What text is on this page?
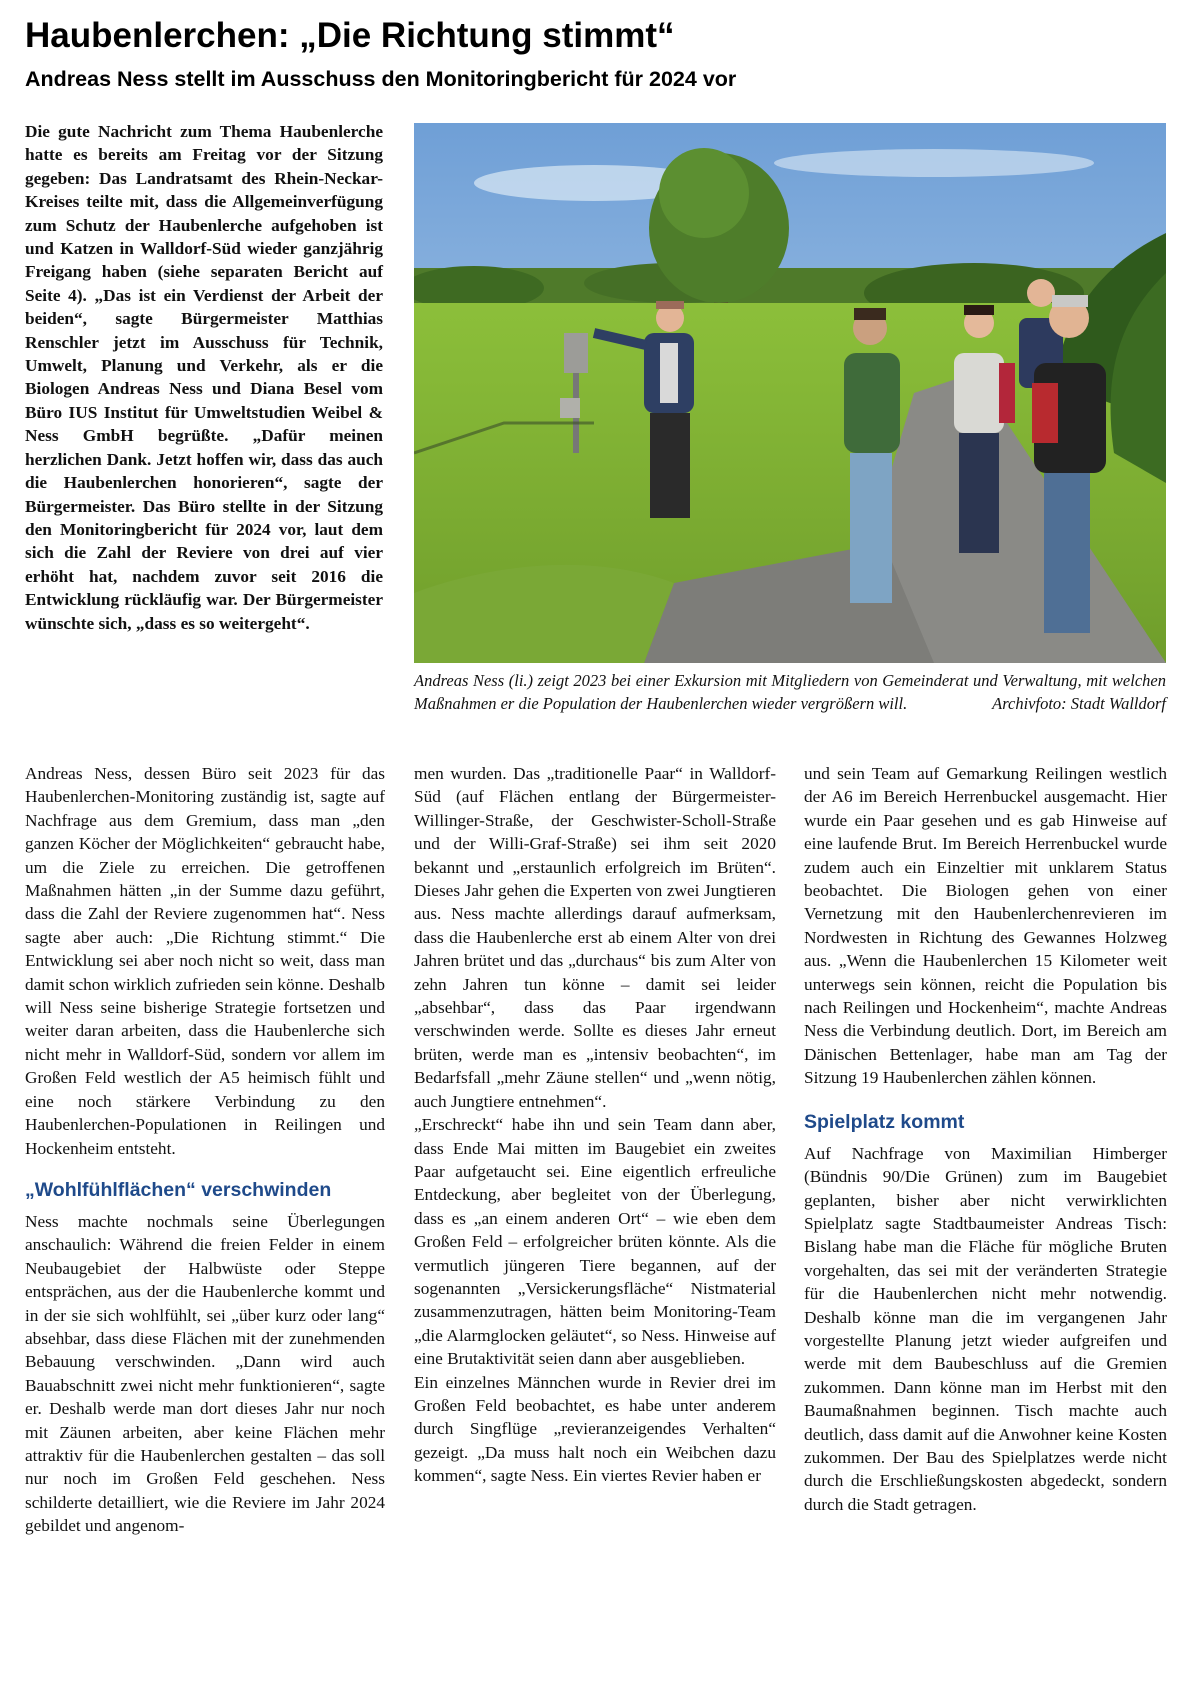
Haubenlerchen: „Die Richtung stimmt“
Andreas Ness stellt im Ausschuss den Monitoringbericht für 2024 vor

Die gute Nachricht zum Thema Haubenlerche hatte es bereits am Freitag vor der Sitzung gegeben: Das Landratsamt des Rhein-Neckar-Kreises teilte mit, dass die Allgemeinverfügung zum Schutz der Haubenlerche aufgehoben ist und Katzen in Walldorf-Süd wieder ganzjährig Freigang haben (siehe separaten Bericht auf Seite 4). „Das ist ein Verdienst der Arbeit der beiden“, sagte Bürgermeister Matthias Renschler jetzt im Ausschuss für Technik, Umwelt, Planung und Verkehr, als er die Biologen Andreas Ness und Diana Besel vom Büro IUS Institut für Umweltstudien Weibel & Ness GmbH begrüßte. „Dafür meinen herzlichen Dank. Jetzt hoffen wir, dass das auch die Haubenlerchen honorieren“, sagte der Bürgermeister. Das Büro stellte in der Sitzung den Monitoringbericht für 2024 vor, laut dem sich die Zahl der Reviere von drei auf vier erhöht hat, nachdem zuvor seit 2016 die Entwicklung rückläufig war. Der Bürgermeister wünschte sich, „dass es so weitergeht“.

Andreas Ness (li.) zeigt 2023 bei einer Exkursion mit Mitgliedern von Gemeinderat und Verwaltung, mit welchen Maßnahmen er die Population der Haubenlerchen wieder vergrößern will.	Archivfoto: Stadt Walldorf

Andreas Ness, dessen Büro seit 2023 für das Haubenlerchen-Monitoring zuständig ist, sagte auf Nachfrage aus dem Gremium, dass man „den ganzen Köcher der Möglichkeiten“ gebraucht habe, um die Ziele zu erreichen. Die getroffenen Maßnahmen hätten „in der Summe dazu geführt, dass die Zahl der Reviere zugenommen hat“. Ness sagte aber auch: „Die Richtung stimmt.“ Die Entwicklung sei aber noch nicht so weit, dass man damit schon wirklich zufrieden sein könne. Deshalb will Ness seine bisherige Strategie fortsetzen und weiter daran arbeiten, dass die Haubenlerche sich nicht mehr in Walldorf-Süd, sondern vor allem im Großen Feld westlich der A5 heimisch fühlt und eine noch stärkere Verbindung zu den Haubenlerchen-Populationen in Reilingen und Hockenheim entsteht.

„Wohlfühlflächen“ verschwinden

Ness machte nochmals seine Überlegungen anschaulich: Während die freien Felder in einem Neubaugebiet der Halbwüste oder Steppe entsprächen, aus der die Haubenlerche kommt und in der sie sich wohlfühlt, sei „über kurz oder lang“ absehbar, dass diese Flächen mit der zunehmenden Bebauung verschwinden. „Dann wird auch Bauabschnitt zwei nicht mehr funktionieren“, sagte er. Deshalb werde man dort dieses Jahr nur noch mit Zäunen arbeiten, aber keine Flächen mehr attraktiv für die Haubenlerchen gestalten – das soll nur noch im Großen Feld geschehen. Ness schilderte detailliert, wie die Reviere im Jahr 2024 gebildet und angenom-

men wurden. Das „traditionelle Paar“ in Walldorf-Süd (auf Flächen entlang der Bürgermeister-Willinger-Straße, der Geschwister-Scholl-Straße und der Willi-Graf-Straße) sei ihm seit 2020 bekannt und „erstaunlich erfolgreich im Brüten“. Dieses Jahr gehen die Experten von zwei Jungtieren aus. Ness machte allerdings darauf aufmerksam, dass die Haubenlerche erst ab einem Alter von drei Jahren brütet und das „durchaus“ bis zum Alter von zehn Jahren tun könne – damit sei leider „absehbar“, dass das Paar irgendwann verschwinden werde. Sollte es dieses Jahr erneut brüten, werde man es „intensiv beobachten“, im Bedarfsfall „mehr Zäune stellen“ und „wenn nötig, auch Jungtiere entnehmen“.

„Erschreckt“ habe ihn und sein Team dann aber, dass Ende Mai mitten im Baugebiet ein zweites Paar aufgetaucht sei. Eine eigentlich erfreuliche Entdeckung, aber begleitet von der Überlegung, dass es „an einem anderen Ort“ – wie eben dem Großen Feld – erfolgreicher brüten könnte. Als die vermutlich jüngeren Tiere begannen, auf der sogenannten „Versickerungsfläche“ Nistmaterial zusammenzutragen, hätten beim Monitoring-Team „die Alarmglocken geläutet“, so Ness. Hinweise auf eine Brutaktivität seien dann aber ausgeblieben.

Ein einzelnes Männchen wurde in Revier drei im Großen Feld beobachtet, es habe unter anderem durch Singflüge „revieranzeigendes Verhalten“ gezeigt. „Da muss halt noch ein Weibchen dazu kommen“, sagte Ness. Ein viertes Revier haben er

und sein Team auf Gemarkung Reilingen westlich der A6 im Bereich Herrenbuckel ausgemacht. Hier wurde ein Paar gesehen und es gab Hinweise auf eine laufende Brut. Im Bereich Herrenbuckel wurde zudem auch ein Einzeltier mit unklarem Status beobachtet. Die Biologen gehen von einer Vernetzung mit den Haubenlerchenrevieren im Nordwesten in Richtung des Gewannes Holzweg aus. „Wenn die Haubenlerchen 15 Kilometer weit unterwegs sein können, reicht die Population bis nach Reilingen und Hockenheim“, machte Andreas Ness die Verbindung deutlich. Dort, im Bereich am Dänischen Bettenlager, habe man am Tag der Sitzung 19 Haubenlerchen zählen können.

Spielplatz kommt

Auf Nachfrage von Maximilian Himberger (Bündnis 90/Die Grünen) zum im Baugebiet geplanten, bisher aber nicht verwirklichten Spielplatz sagte Stadtbaumeister Andreas Tisch: Bislang habe man die Fläche für mögliche Bruten vorgehalten, das sei mit der veränderten Strategie für die Haubenlerchen nicht mehr notwendig. Deshalb könne man die im vergangenen Jahr vorgestellte Planung jetzt wieder aufgreifen und werde mit dem Baubeschluss auf die Gremien zukommen. Dann könne man im Herbst mit den Baumaßnahmen beginnen. Tisch machte auch deutlich, dass damit auf die Anwohner keine Kosten zukommen. Der Bau des Spielplatzes werde nicht durch die Erschließungskosten abgedeckt, sondern durch die Stadt getragen.
